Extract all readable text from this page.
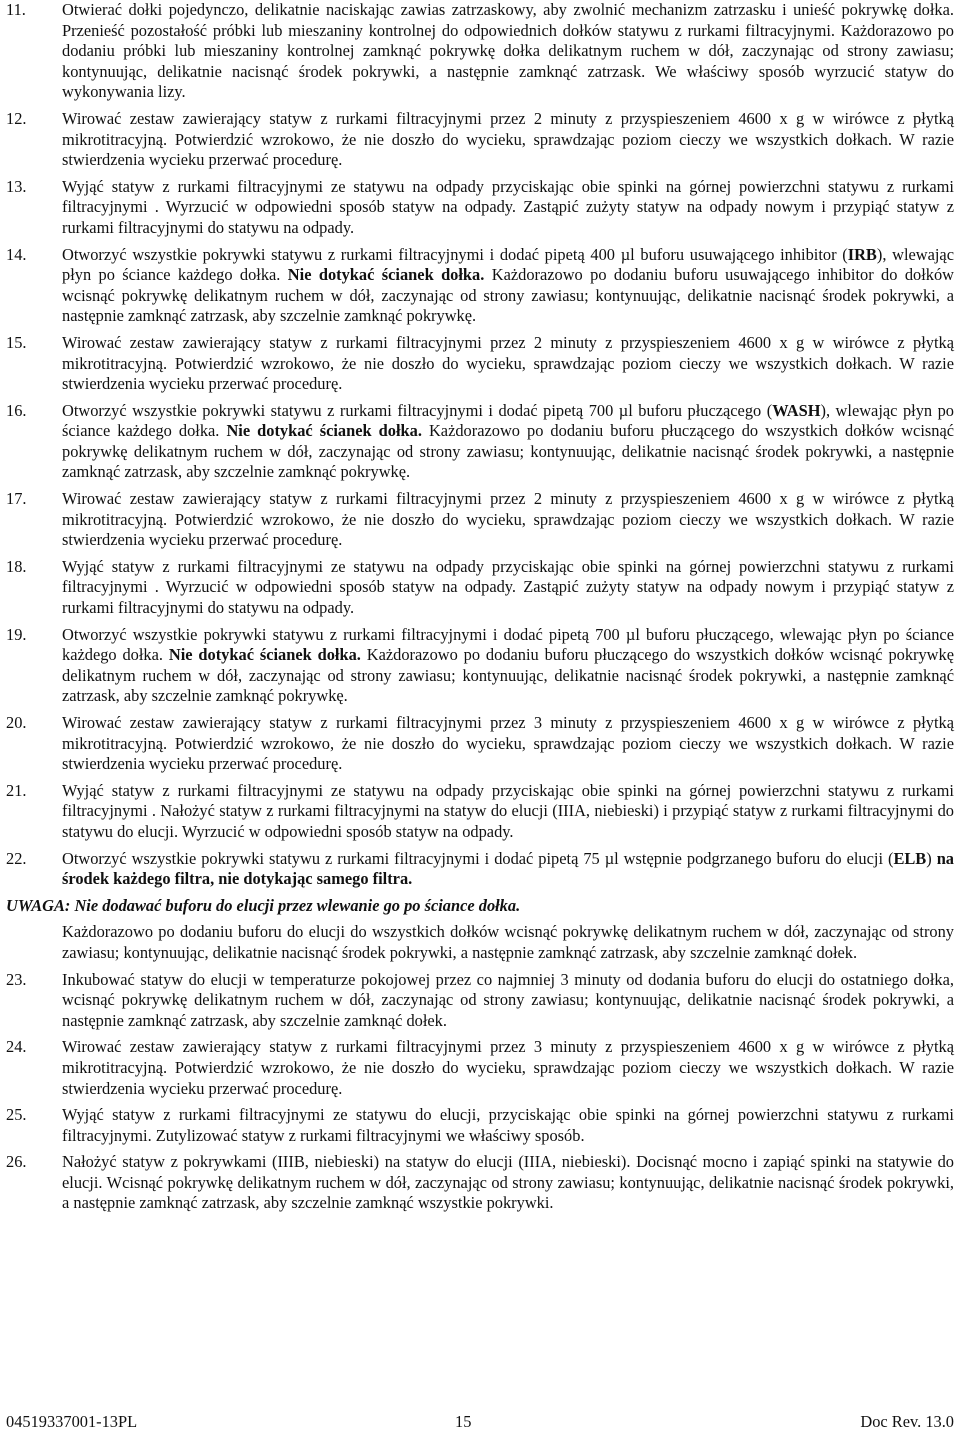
11.	Otwierać dołki pojedynczo, delikatnie naciskając zawias zatrzaskowy, aby zwolnić mechanizm zatrzasku i unieść pokrywkę dołka. Przenieść pozostałość próbki lub mieszaniny kontrolnej do odpowiednich dołków statywu z rurkami filtracyjnymi. Każdorazowo po dodaniu próbki lub mieszaniny kontrolnej zamknąć pokrywkę dołka delikatnym ruchem w dół, zaczynając od strony zawiasu; kontynuując, delikatnie nacisnąć środek pokrywki, a następnie zamknąć zatrzask. We właściwy sposób wyrzucić statyw do wykonywania lizy.
12.	Wirować zestaw zawierający statyw z rurkami filtracyjnymi przez 2 minuty z przyspieszeniem 4600 x g w wirówce z płytką mikrotitracyjną. Potwierdzić wzrokowo, że nie doszło do wycieku, sprawdzając poziom cieczy we wszystkich dołkach. W razie stwierdzenia wycieku przerwać procedurę.
13.	Wyjąć statyw z rurkami filtracyjnymi ze statywu na odpady przyciskając obie spinki na górnej powierzchni statywu z rurkami filtracyjnymi . Wyrzucić w odpowiedni sposób statyw na odpady. Zastąpić zużyty statyw na odpady nowym i przypiąć statyw z rurkami filtracyjnymi do statywu na odpady.
14.	Otworzyć wszystkie pokrywki statywu z rurkami filtracyjnymi i dodać pipetą 400 µl buforu usuwającego inhibitor (IRB), wlewając płyn po ściance każdego dołka. Nie dotykać ścianek dołka. Każdorazowo po dodaniu buforu usuwającego inhibitor do dołków wcisnąć pokrywkę delikatnym ruchem w dół, zaczynając od strony zawiasu; kontynuując, delikatnie nacisnąć środek pokrywki, a następnie zamknąć zatrzask, aby szczelnie zamknąć pokrywkę.
15.	Wirować zestaw zawierający statyw z rurkami filtracyjnymi przez 2 minuty z przyspieszeniem 4600 x g w wirówce z płytką mikrotitracyjną. Potwierdzić wzrokowo, że nie doszło do wycieku, sprawdzając poziom cieczy we wszystkich dołkach. W razie stwierdzenia wycieku przerwać procedurę.
16.	Otworzyć wszystkie pokrywki statywu z rurkami filtracyjnymi i dodać pipetą 700 µl buforu płuczącego (WASH), wlewając płyn po ściance każdego dołka. Nie dotykać ścianek dołka. Każdorazowo po dodaniu buforu płuczącego do wszystkich dołków wcisnąć pokrywkę delikatnym ruchem w dół, zaczynając od strony zawiasu; kontynuując, delikatnie nacisnąć środek pokrywki, a następnie zamknąć zatrzask, aby szczelnie zamknąć pokrywkę.
17.	Wirować zestaw zawierający statyw z rurkami filtracyjnymi przez 2 minuty z przyspieszeniem 4600 x g w wirówce z płytką mikrotitracyjną. Potwierdzić wzrokowo, że nie doszło do wycieku, sprawdzając poziom cieczy we wszystkich dołkach. W razie stwierdzenia wycieku przerwać procedurę.
18.	Wyjąć statyw z rurkami filtracyjnymi ze statywu na odpady przyciskając obie spinki na górnej powierzchni statywu z rurkami filtracyjnymi . Wyrzucić w odpowiedni sposób statyw na odpady. Zastąpić zużyty statyw na odpady nowym i przypiąć statyw z rurkami filtracyjnymi do statywu na odpady.
19.	Otworzyć wszystkie pokrywki statywu z rurkami filtracyjnymi i dodać pipetą 700 µl buforu płuczącego, wlewając płyn po ściance każdego dołka. Nie dotykać ścianek dołka. Każdorazowo po dodaniu buforu płuczącego do wszystkich dołków wcisnąć pokrywkę delikatnym ruchem w dół, zaczynając od strony zawiasu; kontynuując, delikatnie nacisnąć środek pokrywki, a następnie zamknąć zatrzask, aby szczelnie zamknąć pokrywkę.
20.	Wirować zestaw zawierający statyw z rurkami filtracyjnymi przez 3 minuty z przyspieszeniem 4600 x g w wirówce z płytką mikrotitracyjną. Potwierdzić wzrokowo, że nie doszło do wycieku, sprawdzając poziom cieczy we wszystkich dołkach. W razie stwierdzenia wycieku przerwać procedurę.
21.	Wyjąć statyw z rurkami filtracyjnymi ze statywu na odpady przyciskając obie spinki na górnej powierzchni statywu z rurkami filtracyjnymi . Nałożyć statyw z rurkami filtracyjnymi na statyw do elucji (IIIA, niebieski) i przypiąć statyw z rurkami filtracyjnymi do statywu do elucji. Wyrzucić w odpowiedni sposób statyw na odpady.
22.	Otworzyć wszystkie pokrywki statywu z rurkami filtracyjnymi i dodać pipetą 75 µl wstępnie podgrzanego buforu do elucji (ELB) na środek każdego filtra, nie dotykając samego filtra.
UWAGA: Nie dodawać buforu do elucji przez wlewanie go po ściance dołka.
Każdorazowo po dodaniu buforu do elucji do wszystkich dołków wcisnąć pokrywkę delikatnym ruchem w dół, zaczynając od strony zawiasu; kontynuując, delikatnie nacisnąć środek pokrywki, a następnie zamknąć zatrzask, aby szczelnie zamknąć dołek.
23.	Inkubować statyw do elucji w temperaturze pokojowej przez co najmniej 3 minuty od dodania buforu do elucji do ostatniego dołka, wcisnąć pokrywkę delikatnym ruchem w dół, zaczynając od strony zawiasu; kontynuując, delikatnie nacisnąć środek pokrywki, a następnie zamknąć zatrzask, aby szczelnie zamknąć dołek.
24.	Wirować zestaw zawierający statyw z rurkami filtracyjnymi przez 3 minuty z przyspieszeniem 4600 x g w wirówce z płytką mikrotitracyjną. Potwierdzić wzrokowo, że nie doszło do wycieku, sprawdzając poziom cieczy we wszystkich dołkach. W razie stwierdzenia wycieku przerwać procedurę.
25.	Wyjąć statyw z rurkami filtracyjnymi ze statywu do elucji, przyciskając obie spinki na górnej powierzchni statywu z rurkami filtracyjnymi. Zutylizować statyw z rurkami filtracyjnymi we właściwy sposób.
26.	Nałożyć statyw z pokrywkami (IIIB, niebieski) na statyw do elucji (IIIA, niebieski). Docisnąć mocno i zapiąć spinki na statywie do elucji. Wcisnąć pokrywkę delikatnym ruchem w dół, zaczynając od strony zawiasu; kontynuując, delikatnie nacisnąć środek pokrywki, a następnie zamknąć zatrzask, aby szczelnie zamknąć wszystkie pokrywki.
04519337001-13PL	15	Doc Rev. 13.0
